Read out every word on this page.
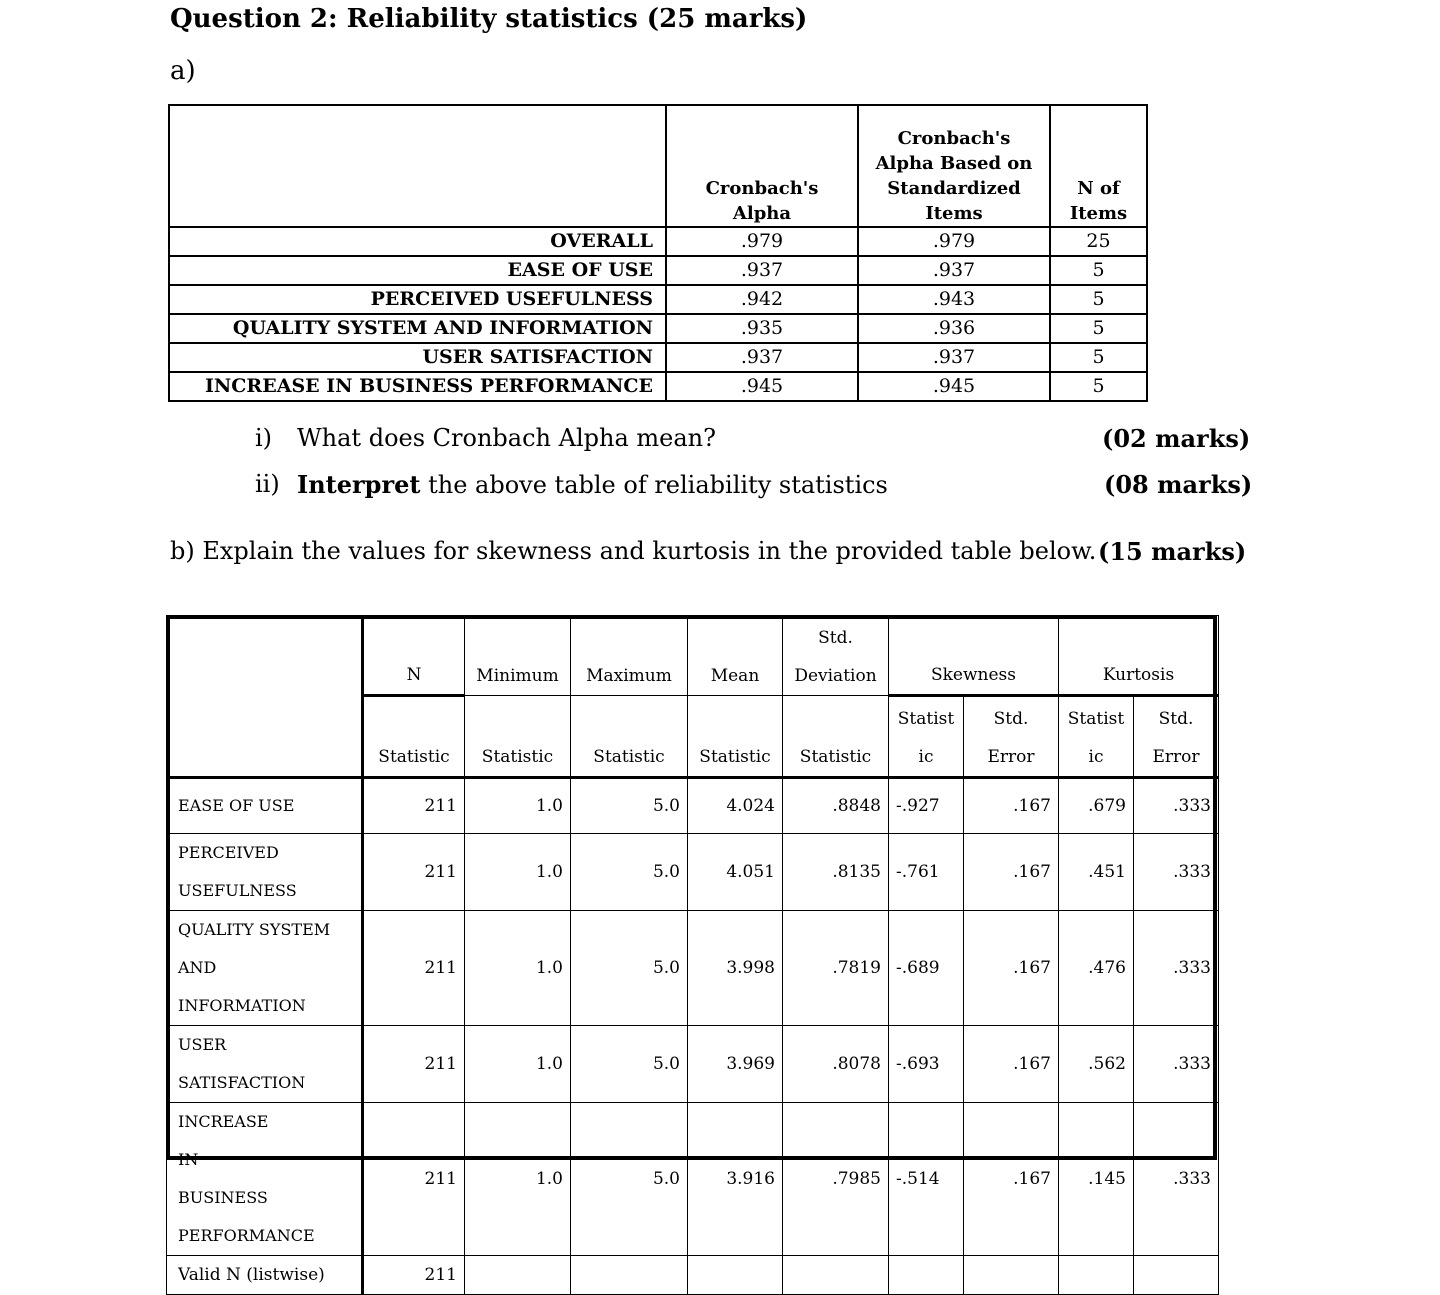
Question 2: Reliability statistics (25 marks)
a)

	Cronbach's Alpha	Cronbach's Alpha Based on Standardized Items	N of Items

OVERALL	.979	.979	25
EASE OF USE	.937	.937	5
PERCEIVED USEFULNESS	.942	.943	5
QUALITY SYSTEM AND INFORMATION	.935	.936	5
USER SATISFACTION	.937	.937	5
INCREASE IN BUSINESS PERFORMANCE	.945	.945	5
i) What does Cronbach Alpha mean?	(02 marks)
ii) Interpret the above table of reliability statistics	(08 marks)
b) Explain the values for skewness and kurtosis in the provided table below. (15 marks)
	N	Minimum	Maximum	Mean	Std. Deviation	Skewness		Kurtosis	
	Statistic	Statistic	Statistic	Statistic	Statistic	Statistic	Std. Error	Statistic	Std. Error

EASE OF USE	211	1.0	5.0	4.024	.8848	-.927	.167	.679	.333

PERCEIVED USEFULNESS	211	1.0	5.0	4.051	.8135	-.761	.167	.451	.333

QUALITY SYSTEM AND INFORMATION	211	1.0	5.0	3.998	.7819	-.689	.167	.476	.333
USER SATISFACTION	211	1.0	5.0	3.969	.8078	-.693	.167	.562	.333

INCREASE IN BUSINESS PERFORMANCE	211	1.0	5.0	3.916	.7985	-.514	.167	.145	.333
Valid N (listwise)	211								
